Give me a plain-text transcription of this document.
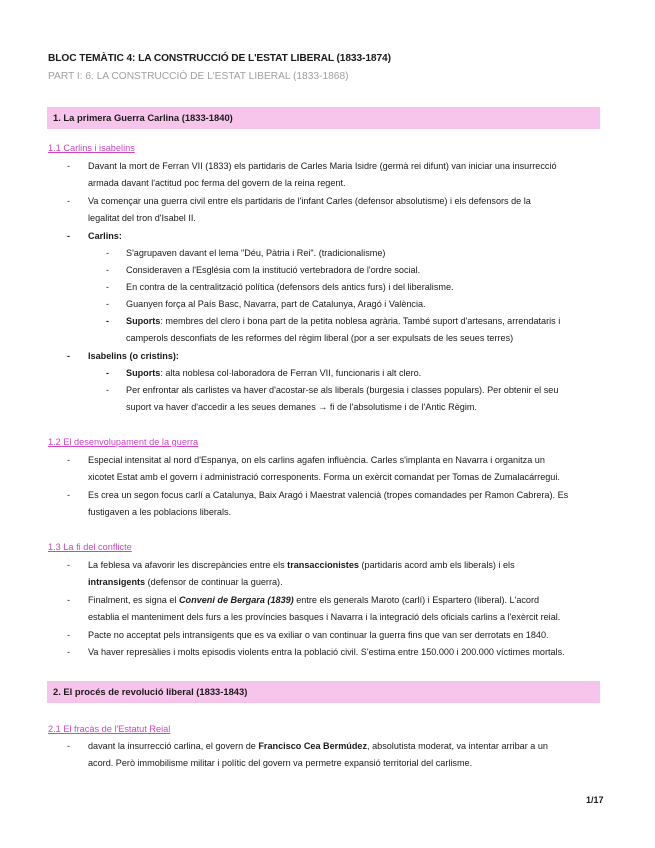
BLOC TEMÀTIC 4: LA CONSTRUCCIÓ DE L'ESTAT LIBERAL (1833-1874)
PART I: 6. LA CONSTRUCCIÓ DE L'ESTAT LIBERAL (1833-1868)
1. La primera Guerra Carlina (1833-1840)
1.1 Carlins i isabelins
- Davant la mort de Ferran VII (1833) els partidaris de Carles Maria Isidre (germà rei difunt) van iniciar una insurrecció
armada davant l'actitud poc ferma del govern de la reina regent.
- Va començar una guerra civil entre els partidaris de l'infant Carles (defensor absolutisme) i els defensors de la
legalitat del tron d'Isabel II.
- Carlins:
- S'agrupaven davant el lema "Déu, Pàtria i Rei". (tradicionalisme)
- Consideraven a l'Església com la institució vertebradora de l'ordre social.
- En contra de la centralització política (defensors dels antics furs) i del liberalisme.
- Guanyen força al País Basc, Navarra, part de Catalunya, Aragó i València.
- Suports: membres del clero i bona part de la petita noblesa agrària. També suport d'artesans, arrendataris i
camperols desconfiats de les reformes del règim liberal (por a ser expulsats de les seues terres)
- Isabelins (o cristins):
- Suports: alta noblesa col·laboradora de Ferran VII, funcionaris i alt clero.
- Per enfrontar als carlistes va haver d'acostar-se als liberals (burgesia i classes populars). Per obtenir el seu
suport va haver d'accedir a les seues demanes → fi de l'absolutisme i de l'Antic Règim.
1.2 El desenvolupament de la guerra
- Especial intensitat al nord d'Espanya, on els carlins agafen influència. Carles s'implanta en Navarra i organitza un
xicotet Estat amb el govern i administració corresponents. Forma un exèrcit comandat per Tomas de Zumalacárregui.
- Es crea un segon focus carlí a Catalunya, Baix Aragó i Maestrat valencià (tropes comandades per Ramon Cabrera). Es
fustigaven a les poblacions liberals.
1.3 La fi del conflicte
- La feblesa va afavorir les discrepàncies entre els transaccionistes (partidaris acord amb els liberals) i els
intransigents (defensor de continuar la guerra).
- Finalment, es signa el Conveni de Bergara (1839) entre els generals Maroto (carlí) i Espartero (liberal). L'acord
establia el manteniment dels furs a les províncies basques i Navarra i la integració dels oficials carlins a l'exèrcit reial.
- Pacte no acceptat pels intransigents que es va exiliar o van continuar la guerra fins que van ser derrotats en 1840.
- Va haver represàlies i molts episodis violents entra la població civil. S'estima entre 150.000 i 200.000 víctimes mortals.
2. El procés de revolució liberal (1833-1843)
2.1 El fracàs de l'Estatut Reial
- davant la insurrecció carlina, el govern de Francisco Cea Bermúdez, absolutista moderat, va intentar arribar a un
acord. Però immobilisme militar i polític del govern va permetre expansió territorial del carlisme.
1/17
